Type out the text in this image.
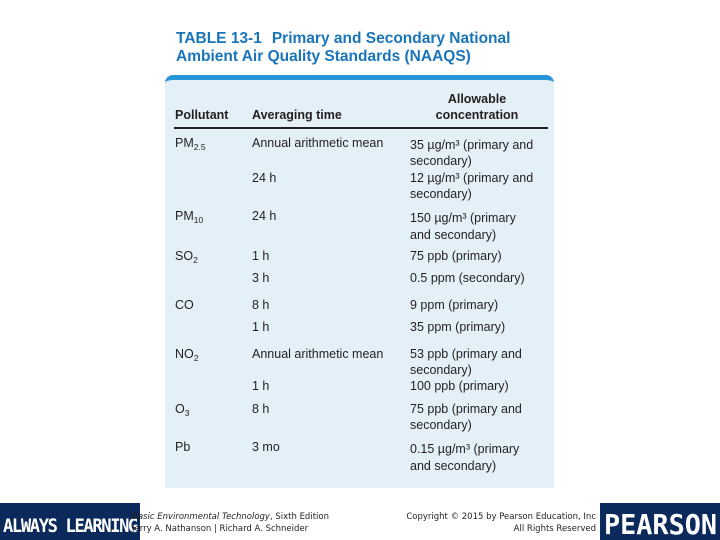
TABLE 13-1 Primary and Secondary National
Ambient Air Quality Standards (NAAQS)
Pollutant Averaging time
Allowable
concentration
$PM_{2.5}$	Annual arithmetic mean 35 µg/m³ (primary and
secondary)
24 h	12 µg/m³ (primary and
secondary)
$PM_{10}$	24 h	150 µg/m³ (primary
and secondary)
$SO_2$	1 h	75 ppb (primary)
3 h	0.5 ppm (secondary)
CO	8 h	9 ppm (primary)
1 h	35 ppm (primary)
$NO_2$	Annual arithmetic mean 53 ppb (primary and
secondary)
1 h	100 ppb (primary)
$O_3$	8 h	75 ppb (primary and
secondary)
Pb	3 mo	0.15 µg/m³ (primary
and secondary)
ALWAYS LEARNING
Basic Environmental Technology, Sixth Edition
Jerry A. Nathanson | Richard A. Schneider
Copyright © 2015 by Pearson Education, Inc
All Rights Reserved PEARSON
